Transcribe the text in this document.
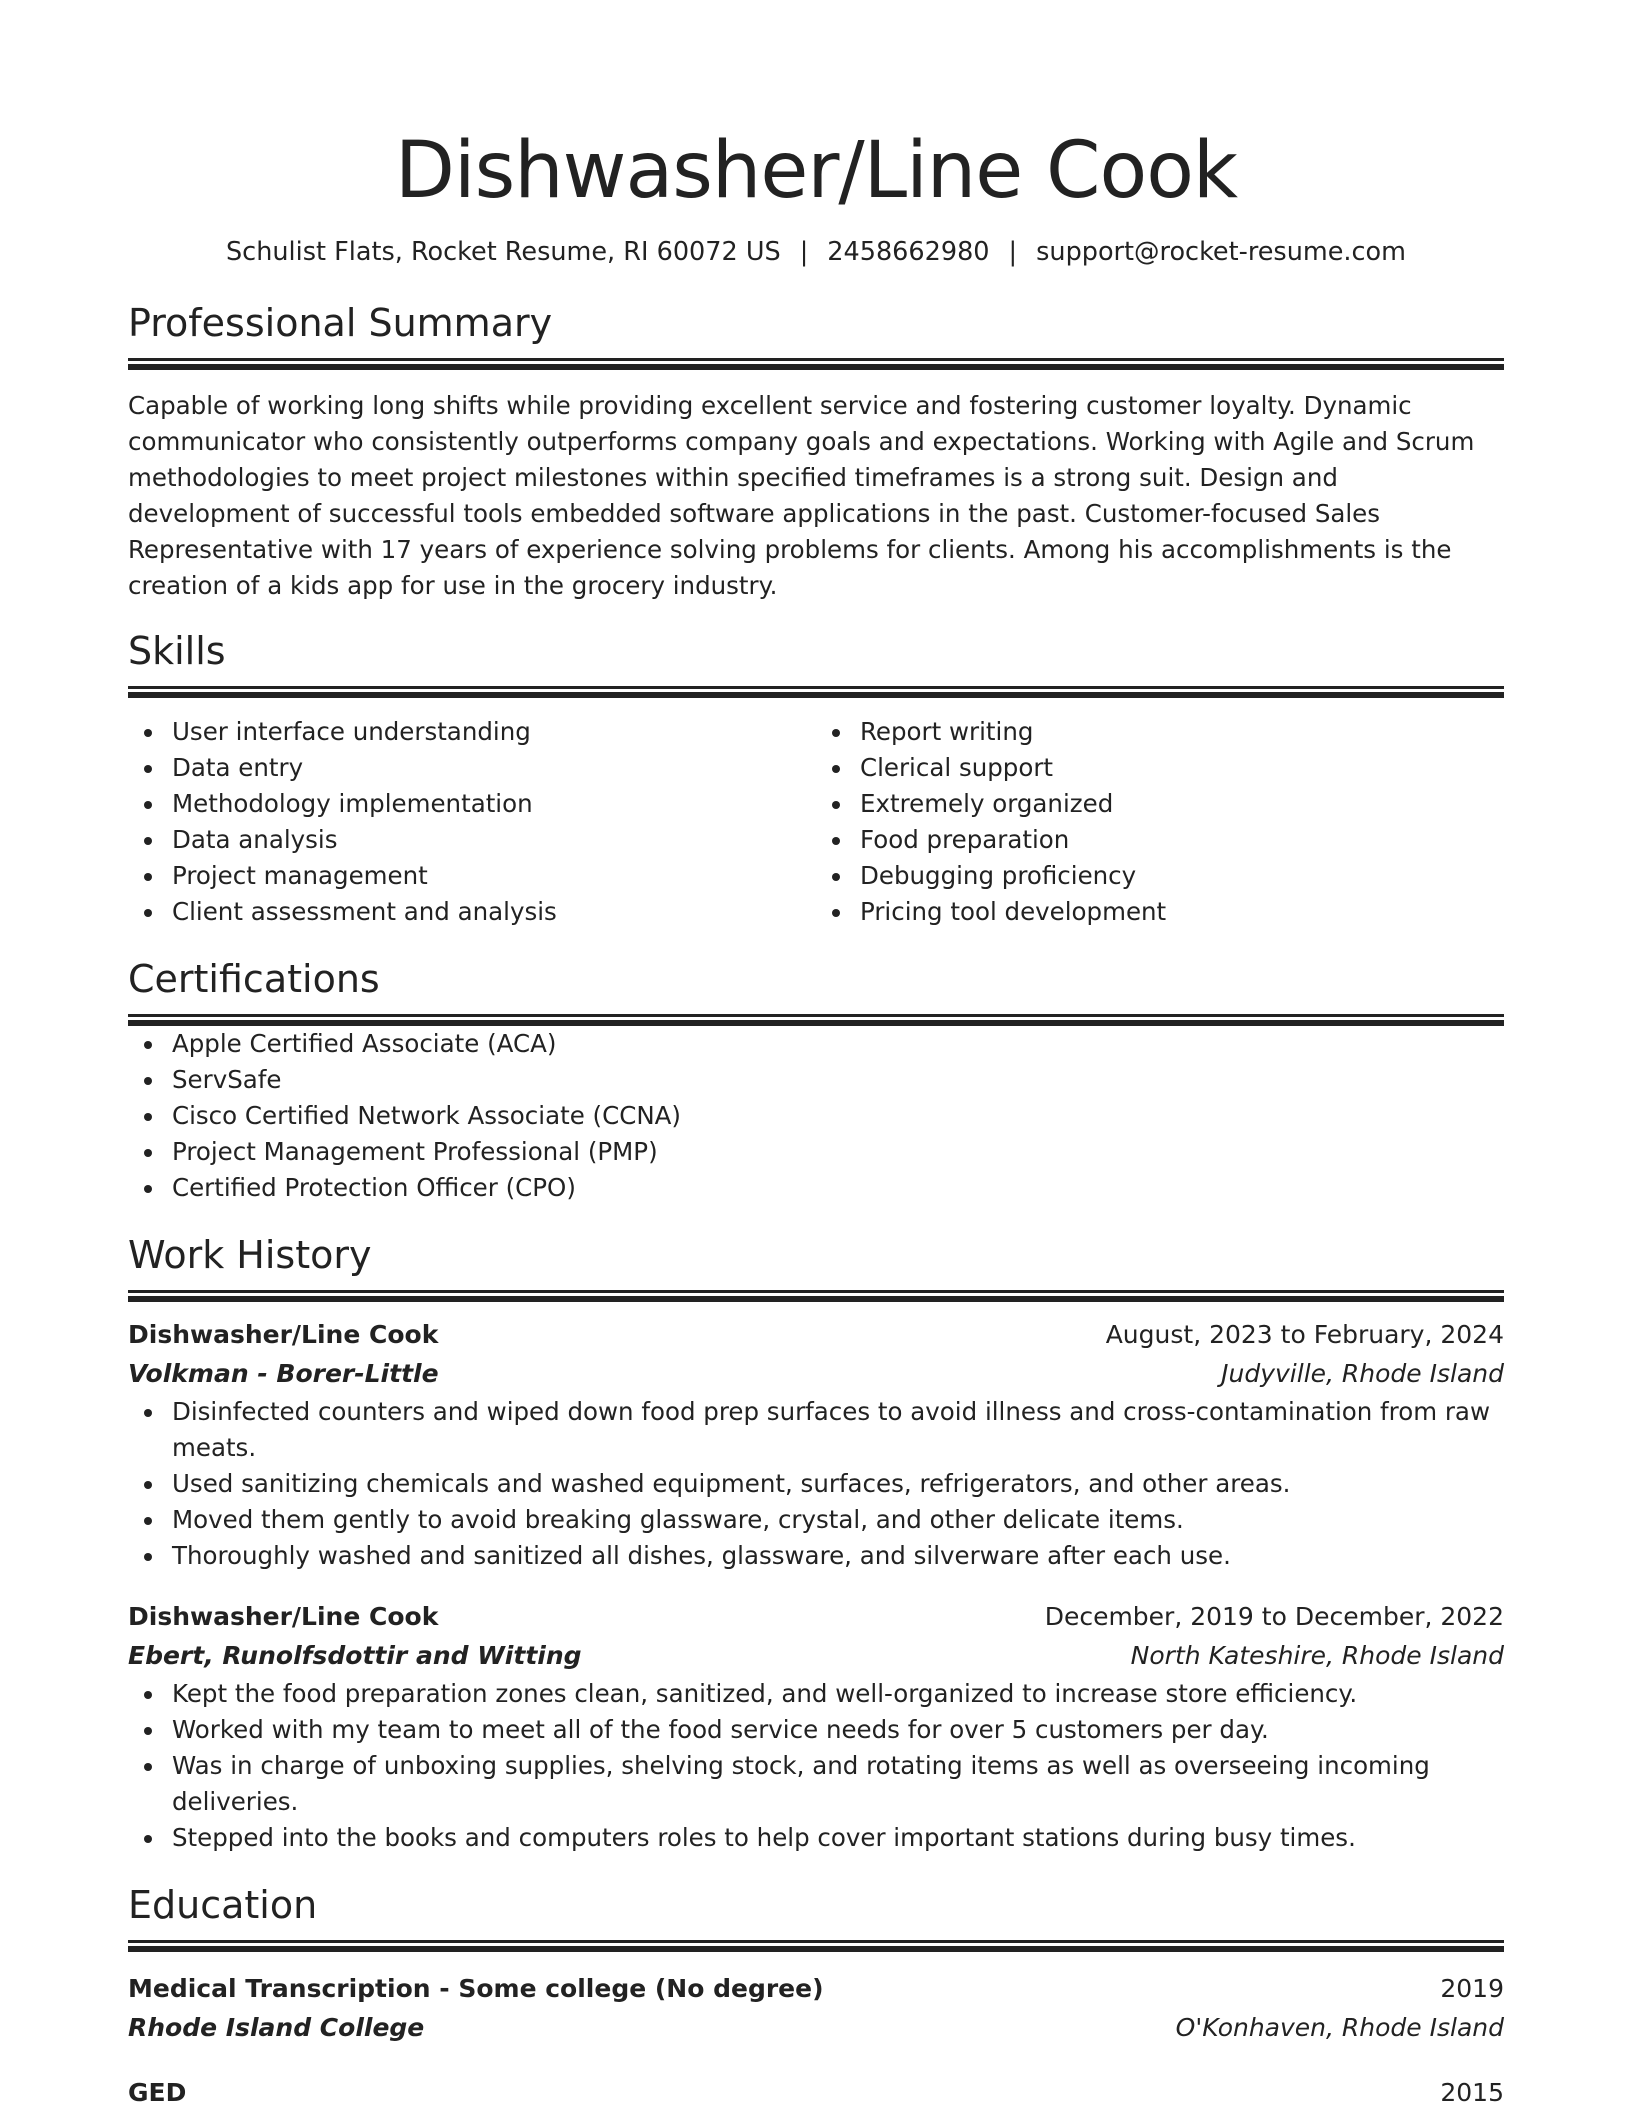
Dishwasher/Line Cook
Schulist Flats, Rocket Resume, RI 60072 US | 2458662980 | support@rocket-resume.com
Professional Summary

Capable of working long shifts while providing excellent service and fostering customer loyalty. Dynamic communicator who consistently outperforms company goals and expectations. Working with Agile and Scrum methodologies to meet project milestones within specified timeframes is a strong suit. Design and development of successful tools embedded software applications in the past. Customer-focused Sales Representative with 17 years of experience solving problems for clients. Among his accomplishments is the creation of a kids app for use in the grocery industry.

Skills
User interface understanding
Data entry
Methodology implementation
Data analysis
Project management
Client assessment and analysis
Report writing
Clerical support
Extremely organized
Food preparation
Debugging proficiency
Pricing tool development
Certifications
Apple Certified Associate (ACA)
ServSafe
Cisco Certified Network Associate (CCNA)
Project Management Professional (PMP)
Certified Protection Officer (CPO)
Work History
Dishwasher/Line Cook	August, 2023 to February, 2024
Volkman - Borer-Little	Judyville, Rhode Island
Disinfected counters and wiped down food prep surfaces to avoid illness and cross-contamination from raw meats.
Used sanitizing chemicals and washed equipment, surfaces, refrigerators, and other areas.
Moved them gently to avoid breaking glassware, crystal, and other delicate items.
Thoroughly washed and sanitized all dishes, glassware, and silverware after each use.
Dishwasher/Line Cook	December, 2019 to December, 2022
Ebert, Runolfsdottir and Witting	North Kateshire, Rhode Island
Kept the food preparation zones clean, sanitized, and well-organized to increase store efficiency.
Worked with my team to meet all of the food service needs for over 5 customers per day.
Was in charge of unboxing supplies, shelving stock, and rotating items as well as overseeing incoming deliveries.
Stepped into the books and computers roles to help cover important stations during busy times.
Education
Medical Transcription - Some college (No degree)	2019
Rhode Island College	O'Konhaven, Rhode Island
GED	2015
